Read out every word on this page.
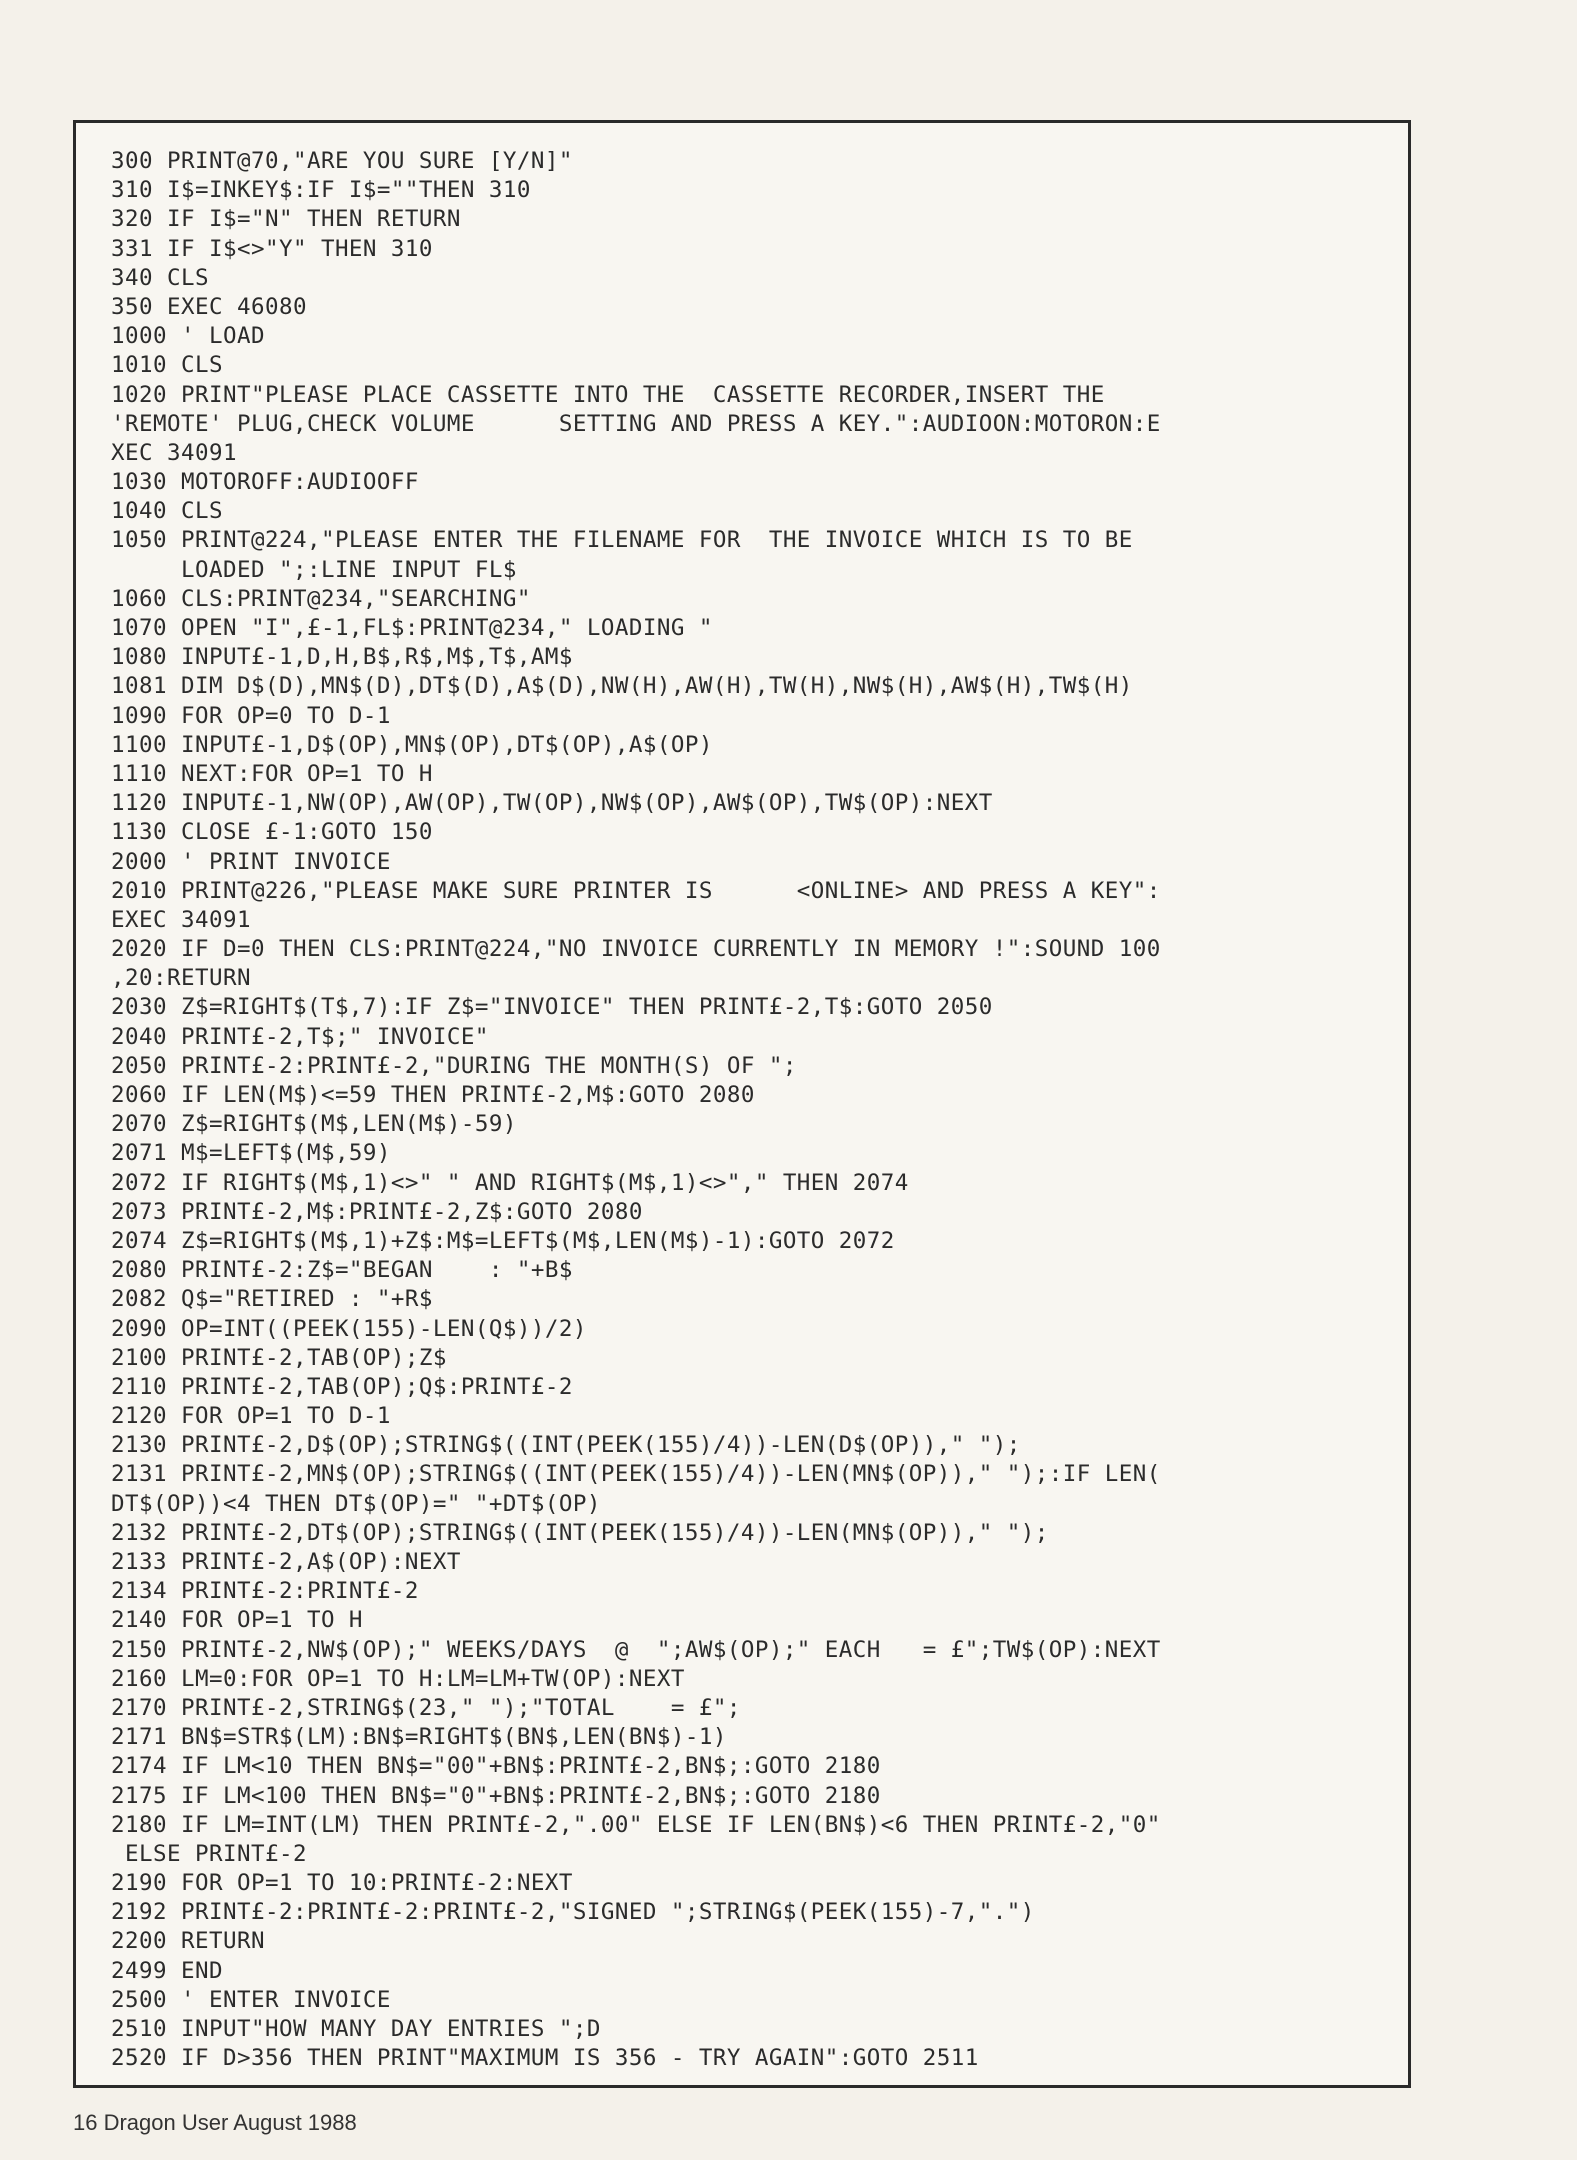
300 PRINT@70,"ARE YOU SURE [Y/N]"
310 I$=INKEY$:IF I$=""THEN 310
320 IF I$="N" THEN RETURN
331 IF I$<>"Y" THEN 310
340 CLS
350 EXEC 46080
1000 ' LOAD
1010 CLS
1020 PRINT"PLEASE PLACE CASSETTE INTO THE  CASSETTE RECORDER,INSERT THE
'REMOTE' PLUG,CHECK VOLUME      SETTING AND PRESS A KEY.":AUDIOON:MOTORON:E
XEC 34091
1030 MOTOROFF:AUDIOOFF
1040 CLS
1050 PRINT@224,"PLEASE ENTER THE FILENAME FOR  THE INVOICE WHICH IS TO BE
LOADED ";:LINE INPUT FL$
1060 CLS:PRINT@234,"SEARCHING"
1070 OPEN "I",£-1,FL$:PRINT@234," LOADING "
1080 INPUT£-1,D,H,B$,R$,M$,T$,AM$
1081 DIM D$(D),MN$(D),DT$(D),A$(D),NW(H),AW(H),TW(H),NW$(H),AW$(H),TW$(H)
1090 FOR OP=0 TO D-1
1100 INPUT£-1,D$(OP),MN$(OP),DT$(OP),A$(OP)
1110 NEXT:FOR OP=1 TO H
1120 INPUT£-1,NW(OP),AW(OP),TW(OP),NW$(OP),AW$(OP),TW$(OP):NEXT
1130 CLOSE £-1:GOTO 150
2000 ' PRINT INVOICE
2010 PRINT@226,"PLEASE MAKE SURE PRINTER IS      <ONLINE> AND PRESS A KEY":
EXEC 34091
2020 IF D=0 THEN CLS:PRINT@224,"NO INVOICE CURRENTLY IN MEMORY !":SOUND 100
,20:RETURN
2030 Z$=RIGHT$(T$,7):IF Z$="INVOICE" THEN PRINT£-2,T$:GOTO 2050
2040 PRINT£-2,T$;" INVOICE"
2050 PRINT£-2:PRINT£-2,"DURING THE MONTH(S) OF ";
2060 IF LEN(M$)<=59 THEN PRINT£-2,M$:GOTO 2080
2070 Z$=RIGHT$(M$,LEN(M$)-59)
2071 M$=LEFT$(M$,59)
2072 IF RIGHT$(M$,1)<>" " AND RIGHT$(M$,1)<>"," THEN 2074
2073 PRINT£-2,M$:PRINT£-2,Z$:GOTO 2080
2074 Z$=RIGHT$(M$,1)+Z$:M$=LEFT$(M$,LEN(M$)-1):GOTO 2072
2080 PRINT£-2:Z$="BEGAN    : "+B$
2082 Q$="RETIRED : "+R$
2090 OP=INT((PEEK(155)-LEN(Q$))/2)
2100 PRINT£-2,TAB(OP);Z$
2110 PRINT£-2,TAB(OP);Q$:PRINT£-2
2120 FOR OP=1 TO D-1
2130 PRINT£-2,D$(OP);STRING$((INT(PEEK(155)/4))-LEN(D$(OP))," ");
2131 PRINT£-2,MN$(OP);STRING$((INT(PEEK(155)/4))-LEN(MN$(OP))," ");:IF LEN(
DT$(OP))<4 THEN DT$(OP)=" "+DT$(OP)
2132 PRINT£-2,DT$(OP);STRING$((INT(PEEK(155)/4))-LEN(MN$(OP))," ");
2133 PRINT£-2,A$(OP):NEXT
2134 PRINT£-2:PRINT£-2
2140 FOR OP=1 TO H
2150 PRINT£-2,NW$(OP);" WEEKS/DAYS  @  ";AW$(OP);" EACH   = £";TW$(OP):NEXT
2160 LM=0:FOR OP=1 TO H:LM=LM+TW(OP):NEXT
2170 PRINT£-2,STRING$(23," ");"TOTAL    = £";
2171 BN$=STR$(LM):BN$=RIGHT$(BN$,LEN(BN$)-1)
2174 IF LM<10 THEN BN$="00"+BN$:PRINT£-2,BN$;:GOTO 2180
2175 IF LM<100 THEN BN$="0"+BN$:PRINT£-2,BN$;:GOTO 2180
2180 IF LM=INT(LM) THEN PRINT£-2,".00" ELSE IF LEN(BN$)<6 THEN PRINT£-2,"0"
ELSE PRINT£-2
2190 FOR OP=1 TO 10:PRINT£-2:NEXT
2192 PRINT£-2:PRINT£-2:PRINT£-2,"SIGNED ";STRING$(PEEK(155)-7,".")
2200 RETURN
2499 END
2500 ' ENTER INVOICE
2510 INPUT"HOW MANY DAY ENTRIES ";D
2520 IF D>356 THEN PRINT"MAXIMUM IS 356 - TRY AGAIN":GOTO 2511
16 Dragon User August 1988
